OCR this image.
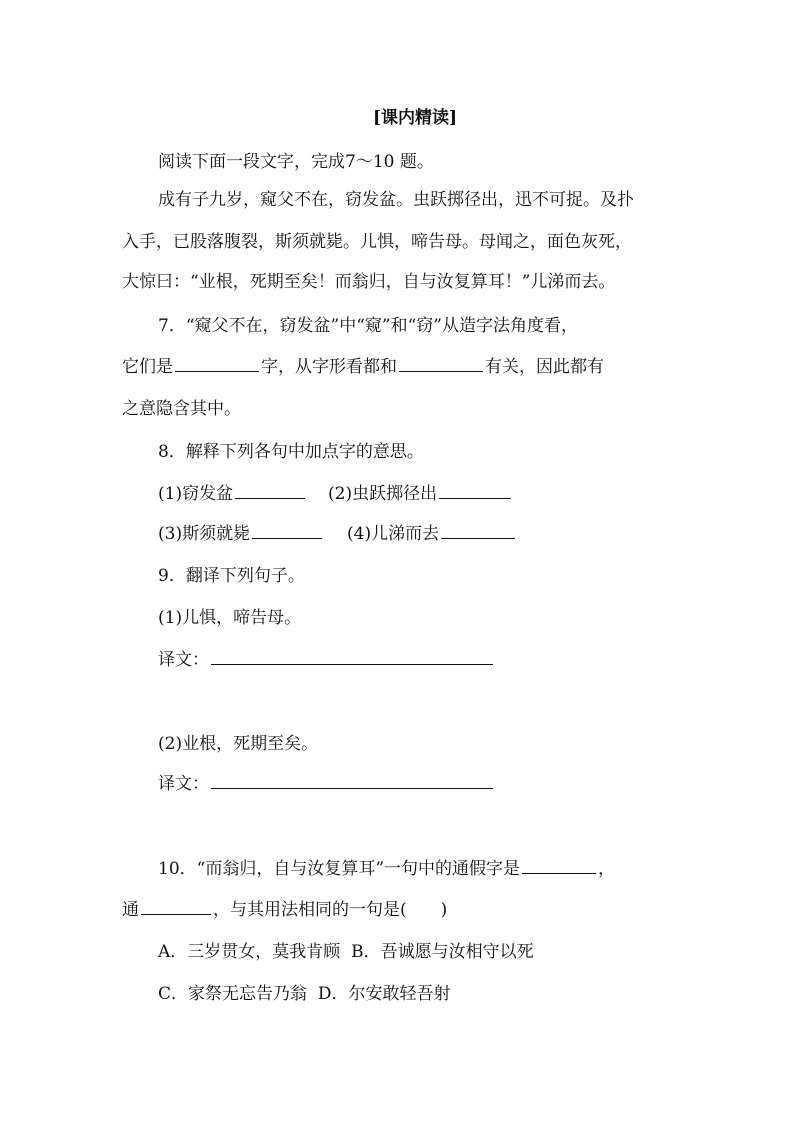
[课内精读]
阅读下面一段文字，完成7～10 题。
成有子九岁，窥父不在，窃发盆。虫跃掷径出，迅不可捉。及扑
入手，已股落腹裂，斯须就毙。儿惧，啼告母。母闻之，面色灰死，
大惊曰：“业根，死期至矣！而翁归，自与汝复算耳！”儿涕而去。
7．“窥父不在，窃发盆”中“窥”和“窃”从造字法角度看，
它们是	字，从字形看都和	有关，因此都有
之意隐含其中。
8．解释下列各句中加点字的意思。
(1)窃发盆	(2)虫跃掷径出
(3)斯须就毙	(4)儿涕而去
9．翻译下列句子。
(1)儿惧，啼告母。
译文：
(2)业根，死期至矣。
译文：
10．“而翁归，自与汝复算耳”一句中的通假字是	，
通	，与其用法相同的一句是(　　)
A．三岁贯女，莫我肯顾 B．吾诚愿与汝相守以死
C．家祭无忘告乃翁 D．尔安敢轻吾射
